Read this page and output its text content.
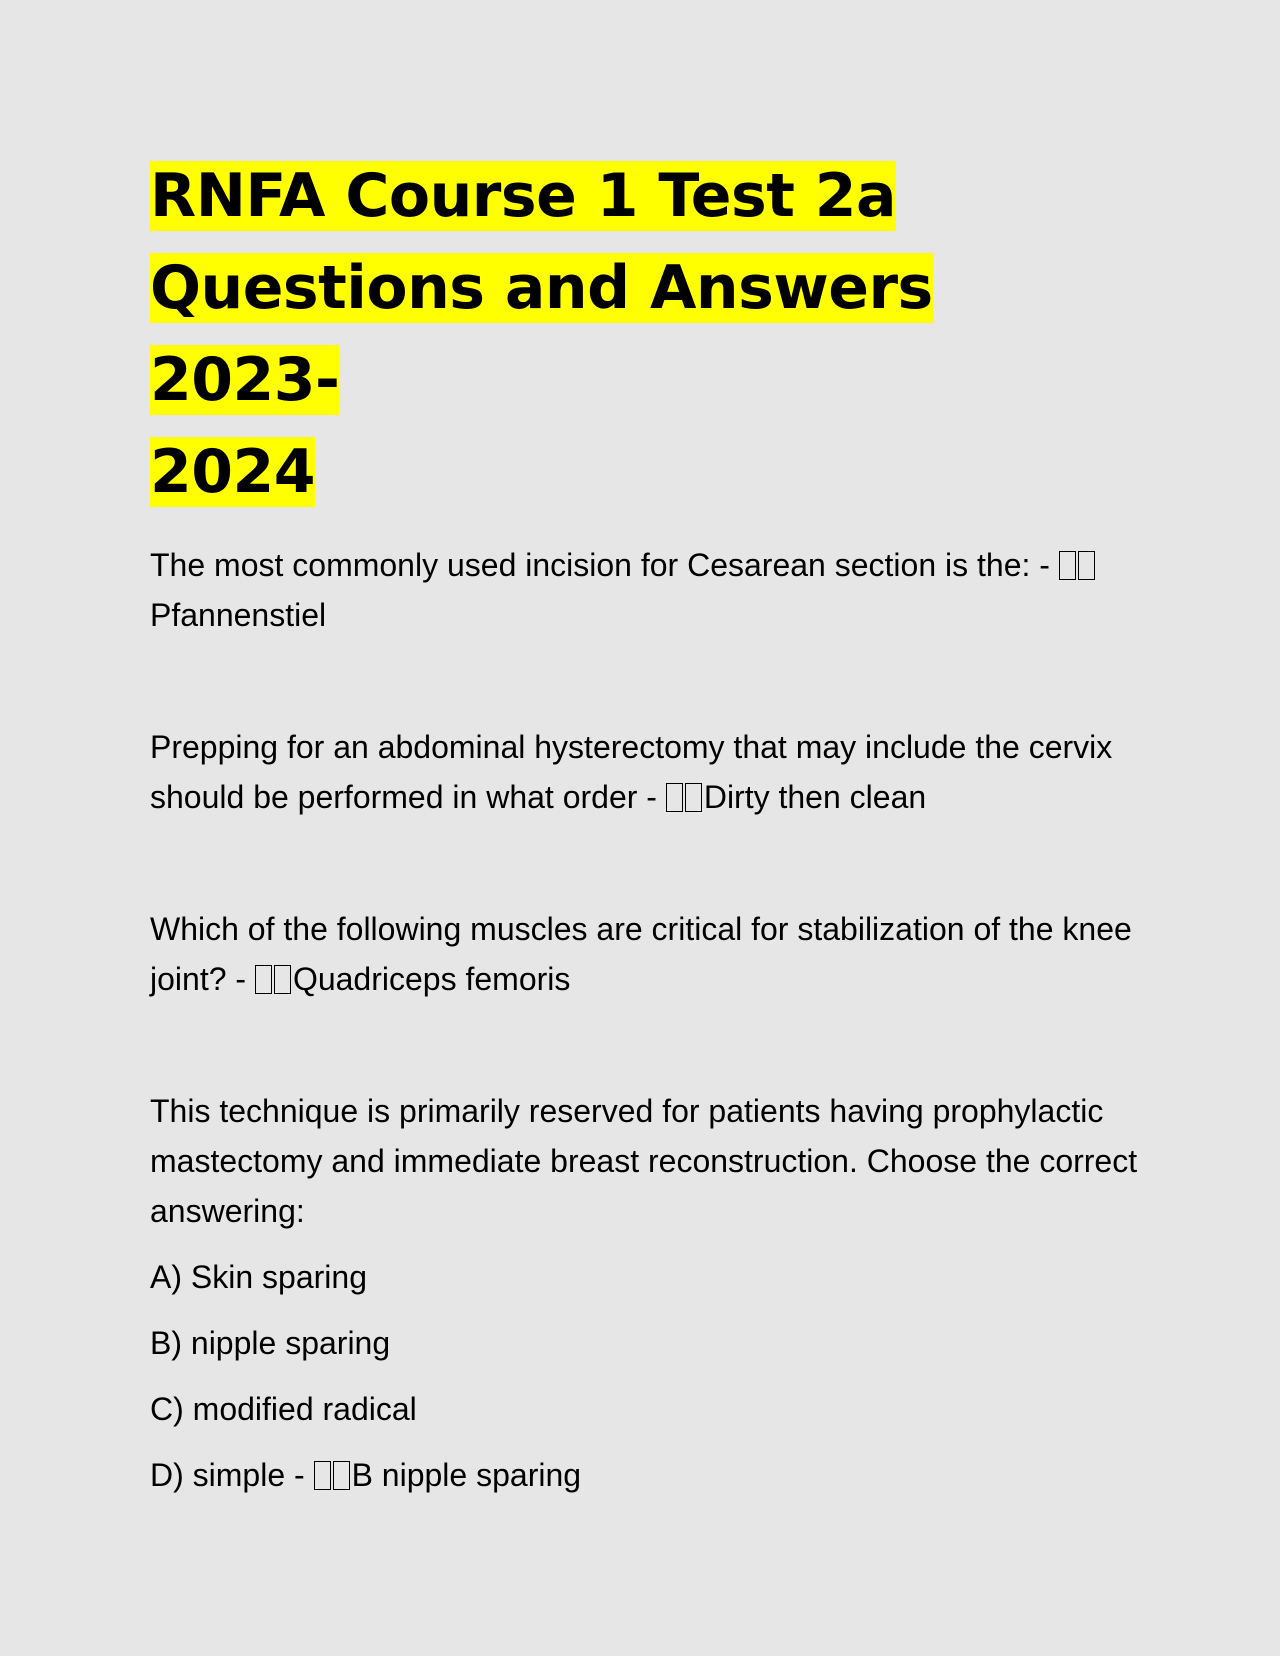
RNFA Course 1 Test 2a
Questions and Answers 2023-
2024

The most commonly used incision for Cesarean section is the: - Pfannenstiel

Prepping for an abdominal hysterectomy that may include the cervix should be performed in what order - Dirty then clean

Which of the following muscles are critical for stabilization of the knee joint? - Quadriceps femoris

This technique is primarily reserved for patients having prophylactic mastectomy and immediate breast reconstruction. Choose the correct answering:

A) Skin sparing

B) nipple sparing

C) modified radical

D) simple - B nipple sparing
